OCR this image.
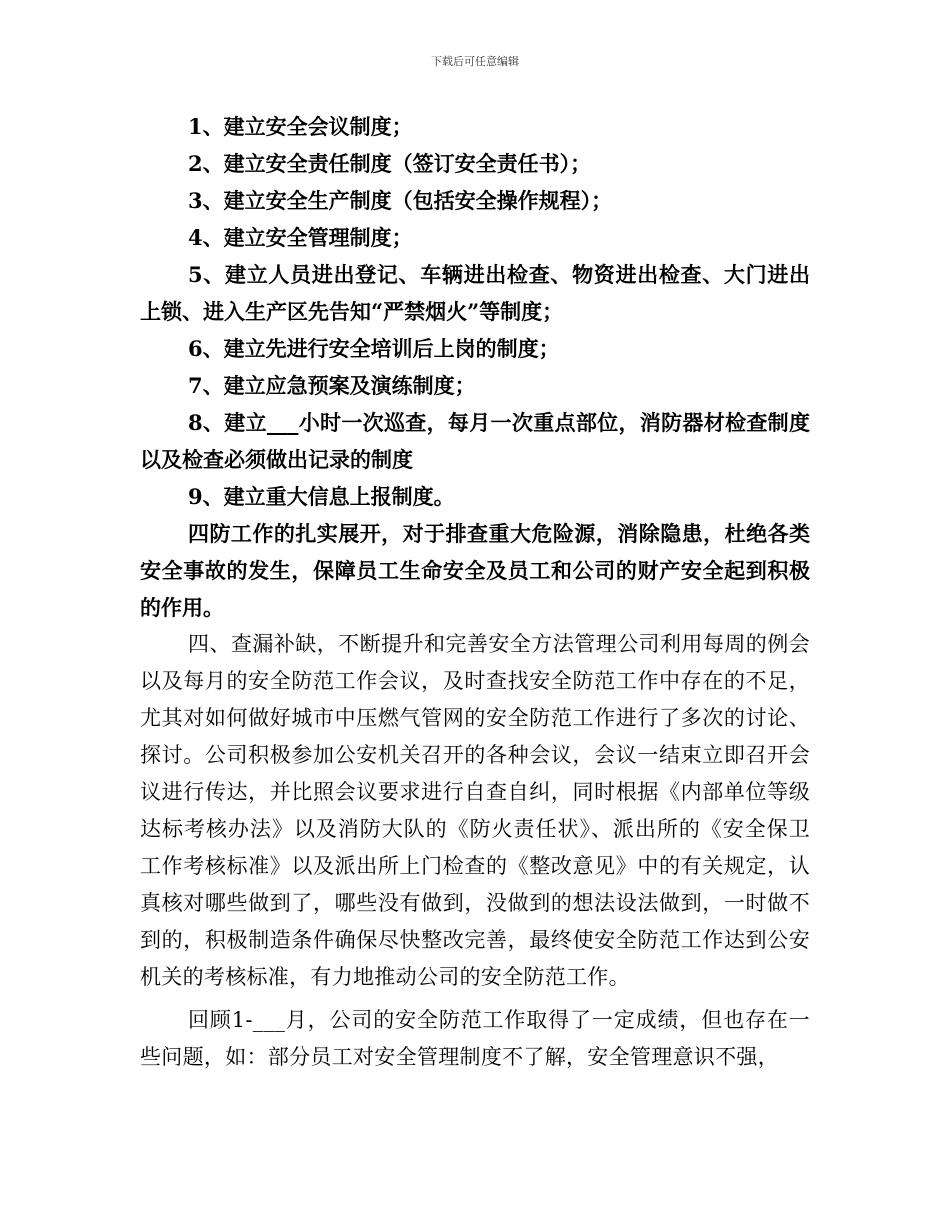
下载后可任意编辑

1、建立安全会议制度；

2、建立安全责任制度（签订安全责任书）；

3、建立安全生产制度（包括安全操作规程）；

4、建立安全管理制度；

5、建立人员进出登记、车辆进出检查、物资进出检查、大门进出上锁、进入生产区先告知“严禁烟火”等制度；

6、建立先进行安全培训后上岗的制度；

7、建立应急预案及演练制度；

8、建立___小时一次巡查，每月一次重点部位，消防器材检查制度以及检查必须做出记录的制度

9、建立重大信息上报制度。

四防工作的扎实展开，对于排查重大危险源，消除隐患，杜绝各类安全事故的发生，保障员工生命安全及员工和公司的财产安全起到积极的作用。

四、查漏补缺，不断提升和完善安全方法管理公司利用每周的例会以及每月的安全防范工作会议，及时查找安全防范工作中存在的不足，尤其对如何做好城市中压燃气管网的安全防范工作进行了多次的讨论、探讨。公司积极参加公安机关召开的各种会议，会议一结束立即召开会议进行传达，并比照会议要求进行自查自纠，同时根据《内部单位等级达标考核办法》以及消防大队的《防火责任状》、派出所的《安全保卫工作考核标准》以及派出所上门检查的《整改意见》中的有关规定，认真核对哪些做到了，哪些没有做到，没做到的想法设法做到，一时做不到的，积极制造条件确保尽快整改完善，最终使安全防范工作达到公安机关的考核标准，有力地推动公司的安全防范工作。

回顾1-___月，公司的安全防范工作取得了一定成绩，但也存在一些问题，如：部分员工对安全管理制度不了解，安全管理意识不强，
